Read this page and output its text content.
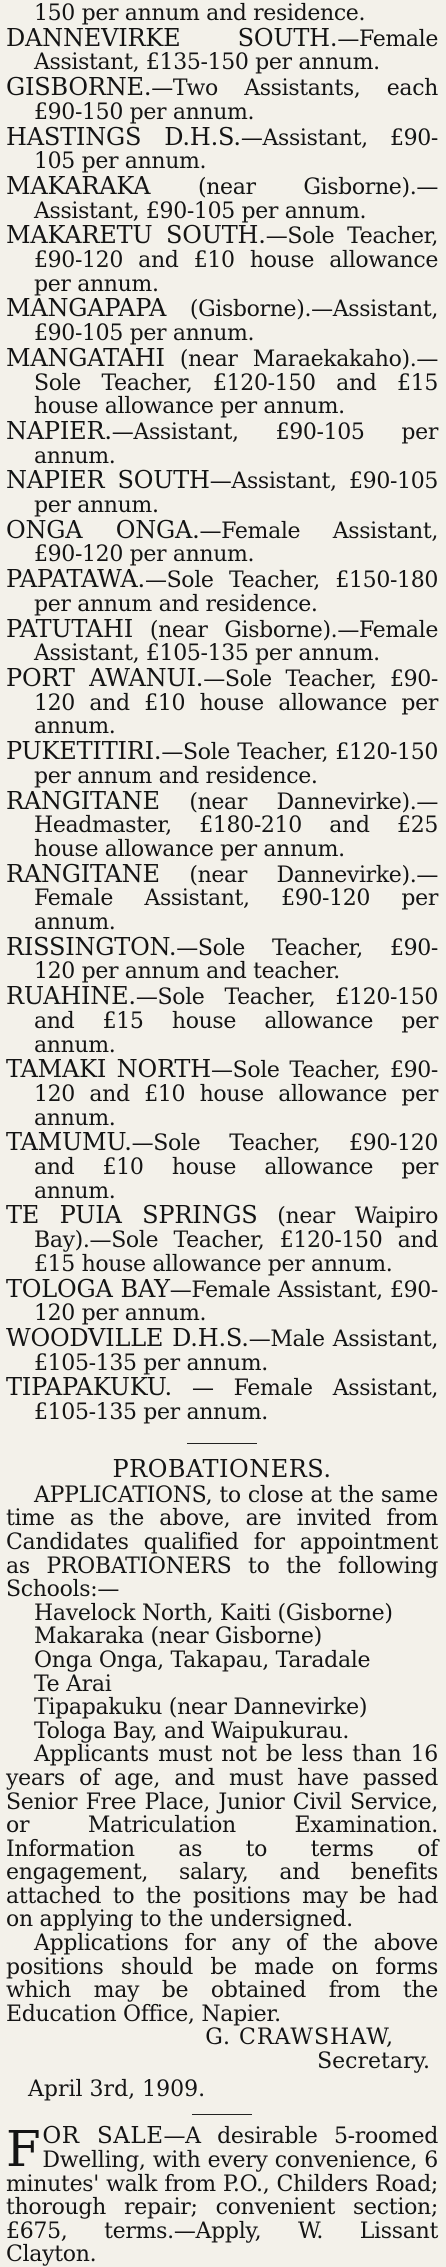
150 per annum and residence.

DANNEVIRKE SOUTH.—Female Assistant, £135-150 per annum.

GISBORNE.—Two Assistants, each £90-150 per annum.

HASTINGS D.H.S.—Assistant, £90-105 per annum.

MAKARAKA (near Gisborne).—Assistant, £90-105 per annum.

MAKARETU SOUTH.—Sole Teacher, £90-120 and £10 house allowance per annum.

MANGAPAPA (Gisborne).—Assistant, £90-105 per annum.

MANGATAHI (near Maraekakaho).—Sole Teacher, £120-150 and £15 house allowance per annum.

NAPIER.—Assistant, £90-105 per annum.

NAPIER SOUTH—Assistant, £90-105 per annum.

ONGA ONGA.—Female Assistant, £90-120 per annum.

PAPATAWA.—Sole Teacher, £150-180 per annum and residence.

PATUTAHI (near Gisborne).—Female Assistant, £105-135 per annum.

PORT AWANUI.—Sole Teacher, £90-120 and £10 house allowance per annum.

PUKETITIRI.—Sole Teacher, £120-150 per annum and residence.

RANGITANE (near Dannevirke).—Headmaster, £180-210 and £25 house allowance per annum.

RANGITANE (near Dannevirke).—Female Assistant, £90-120 per annum.

RISSINGTON.—Sole Teacher, £90-120 per annum and teacher.

RUAHINE.—Sole Teacher, £120-150 and £15 house allowance per annum.

TAMAKI NORTH—Sole Teacher, £90-120 and £10 house allowance per annum.

TAMUMU.—Sole Teacher, £90-120 and £10 house allowance per annum.

TE PUIA SPRINGS (near Waipiro Bay).—Sole Teacher, £120-150 and £15 house allowance per annum.

TOLOGA BAY—Female Assistant, £90-120 per annum.

WOODVILLE D.H.S.—Male Assistant, £105-135 per annum.

TIPAPAKUKU. — Female Assistant, £105-135 per annum.

PROBATIONERS.

APPLICATIONS, to close at the same time as the above, are invited from Candidates qualified for appointment as PROBATIONERS to the following Schools:—

Havelock North, Kaiti (Gisborne)
Makaraka (near Gisborne)
Onga Onga, Takapau, Taradale
Te Arai
Tipapakuku (near Dannevirke)
Tologa Bay, and Waipukurau.

Applicants must not be less than 16 years of age, and must have passed Senior Free Place, Junior Civil Service, or Matriculation Examination. Information as to terms of engagement, salary, and benefits attached to the positions may be had on applying to the undersigned.

Applications for any of the above positions should be made on forms which may be obtained from the Education Office, Napier.

G. CRAWSHAW,

Secretary.

April 3rd, 1909.

FOR SALE—A desirable 5-roomed Dwelling, with every convenience, 6 minutes' walk from P.O., Childers Road; thorough repair; convenient section; £675, terms.—Apply, W. Lissant Clayton.
